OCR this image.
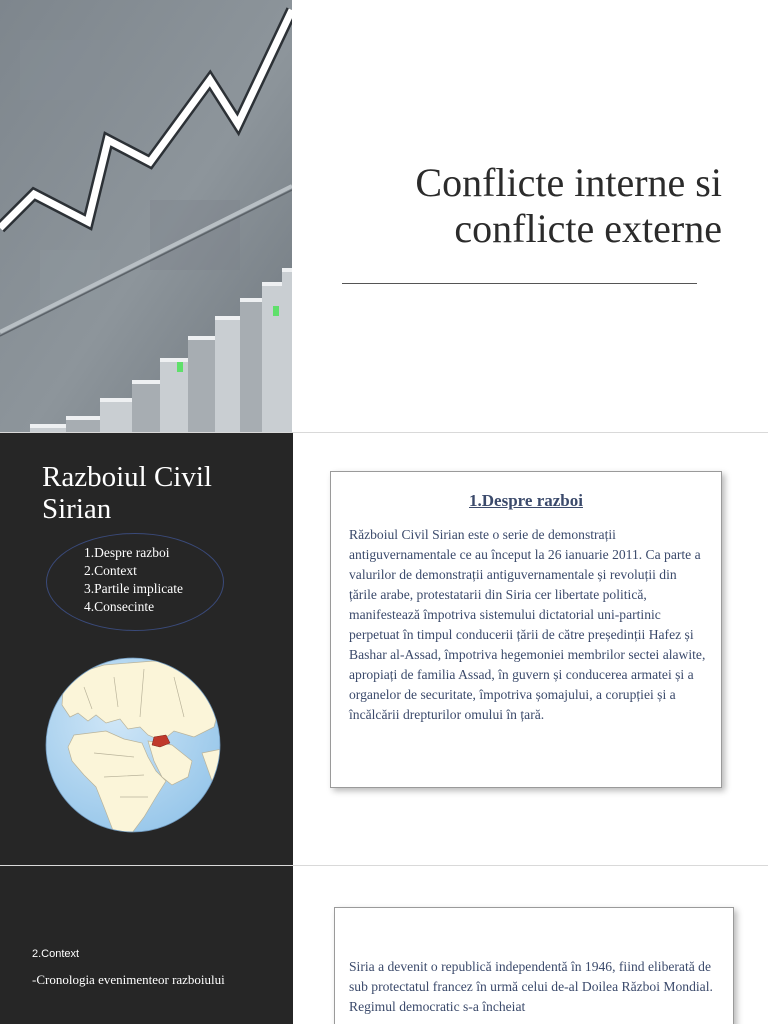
Conflicte interne si
conflicte externe
Razboiul Civil Sirian
1.Despre razboi
2.Context
3.Partile implicate
4.Consecinte
1.Despre razboi

Războiul Civil Sirian este o serie de demonstrații antiguvernamentale ce au început la 26 ianuarie 2011. Ca parte a valurilor de demonstrații antiguvernamentale și revoluții din țările arabe, protestatarii din Siria cer libertate politică, manifestează împotriva sistemului dictatorial uni-partinic perpetuat în timpul conducerii țării de către președinții Hafez și Bashar al-Assad, împotriva hegemoniei membrilor sectei alawite, apropiați de familia Assad, în guvern și conducerea armatei și a organelor de securitate, împotriva șomajului, a corupției și a încălcării drepturilor omului în țară.

2.Context

-Cronologia evenimenteor razboiului

Siria a devenit o republică independentă în 1946, fiind eliberată de sub protectatul francez în urmă celui de-al Doilea Război Mondial. Regimul democratic s-a încheiat
